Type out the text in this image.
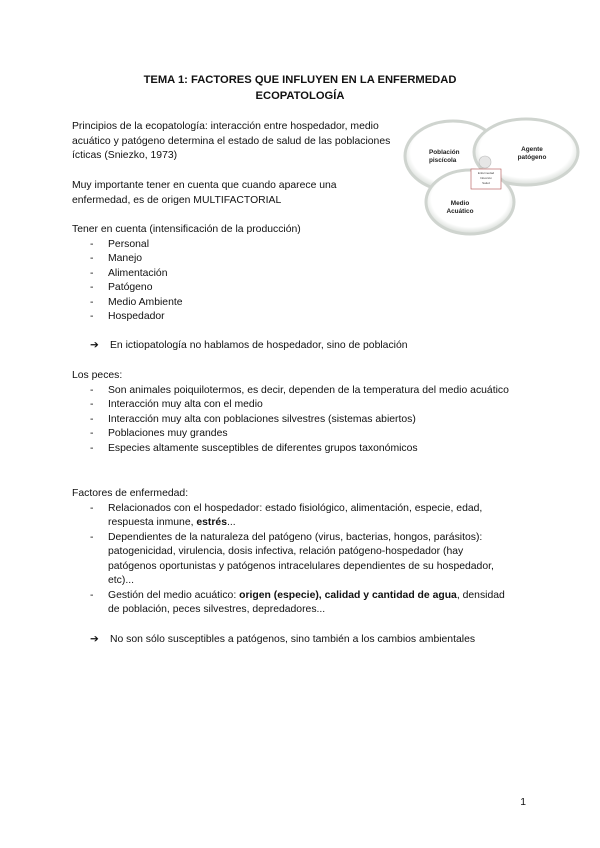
TEMA 1: FACTORES QUE INFLUYEN EN LA ENFERMEDAD
ECOPATOLOGÍA
Principios de la ecopatología: interacción entre hospedador, medio acuático y patógeno determina el estado de salud de las poblaciones ícticas (Sniezko, 1973)
Muy importante tener en cuenta que cuando aparece una enfermedad, es de origen MULTIFACTORIAL
Enfermedad
Infección
Salud
Población
piscícola
Agente
patógeno
Medio
Acuático
Tener en cuenta (intensificación de la producción)
- Personal
- Manejo
- Alimentación
- Patógeno
- Medio Ambiente
- Hospedador
➔ En ictiopatología no hablamos de hospedador, sino de población
Los peces:
- Son animales poiquilotermos, es decir, dependen de la temperatura del medio acuático
- Interacción muy alta con el medio
- Interacción muy alta con poblaciones silvestres (sistemas abiertos)
- Poblaciones muy grandes
- Especies altamente susceptibles de diferentes grupos taxonómicos
Factores de enfermedad:
- Relacionados con el hospedador: estado fisiológico, alimentación, especie, edad, respuesta inmune, estrés...
- Dependientes de la naturaleza del patógeno (virus, bacterias, hongos, parásitos): patogenicidad, virulencia, dosis infectiva, relación patógeno-hospedador (hay patógenos oportunistas y patógenos intracelulares dependientes de su hospedador, etc)...
- Gestión del medio acuático: origen (especie), calidad y cantidad de agua, densidad de población, peces silvestres, depredadores...
➔ No son sólo susceptibles a patógenos, sino también a los cambios ambientales
1
